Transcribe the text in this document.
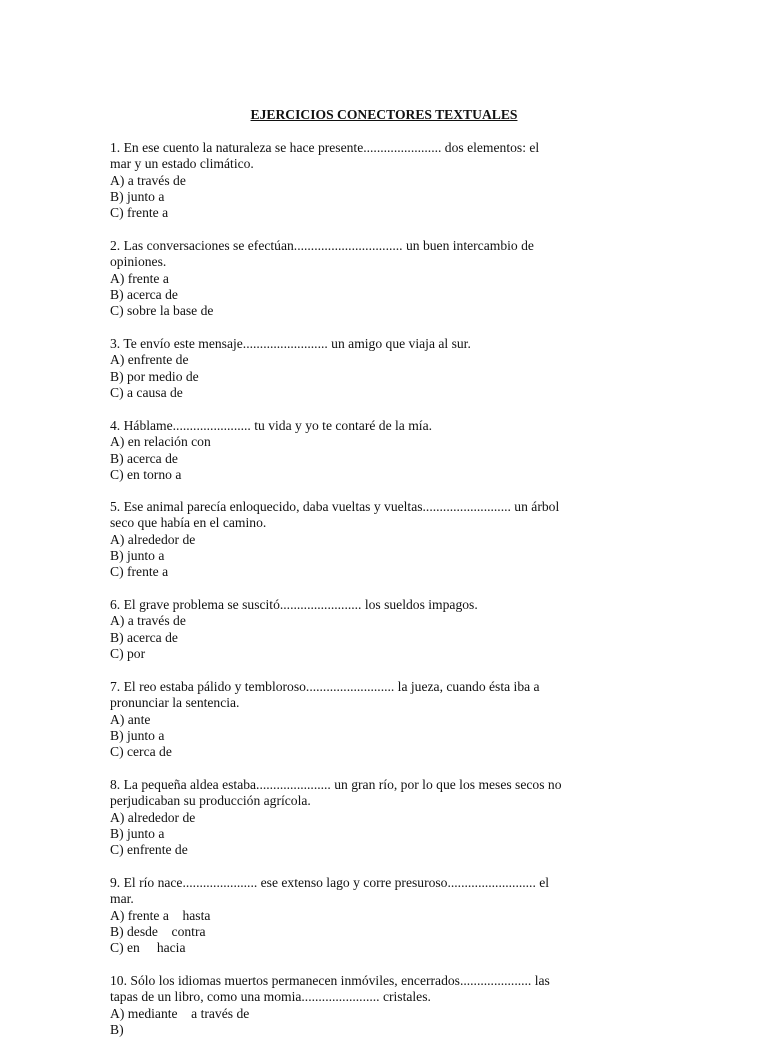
EJERCICIOS CONECTORES TEXTUALES

1. En ese cuento la naturaleza se hace presente....................... dos elementos: el

mar y un estado climático.

A) a través de

B) junto a

C) frente a

2. Las conversaciones se efectúan................................ un buen intercambio de

opiniones.

A) frente a

B) acerca de

C) sobre la base de

3. Te envío este mensaje......................... un amigo que viaja al sur.

A) enfrente de

B) por medio de

C) a causa de

4. Háblame....................... tu vida y yo te contaré de la mía.

A) en relación con

B) acerca de

C) en torno a

5. Ese animal parecía enloquecido, daba vueltas y vueltas.......................... un árbol

seco que había en el camino.

A) alrededor de

B) junto a

C) frente a

6. El grave problema se suscitó........................ los sueldos impagos.

A) a través de

B) acerca de

C) por

7. El reo estaba pálido y tembloroso.......................... la jueza, cuando ésta iba a

pronunciar la sentencia.

A) ante

B) junto a

C) cerca de

8. La pequeña aldea estaba...................... un gran río, por lo que los meses secos no

perjudicaban su producción agrícola.

A) alrededor de

B) junto a

C) enfrente de

9. El río nace...................... ese extenso lago y corre presuroso.......................... el

mar.

A) frente a    hasta

B) desde    contra

C) en     hacia

10. Sólo los idiomas muertos permanecen inmóviles, encerrados..................... las

tapas de un libro, como una momia....................... cristales.

A) mediante    a través de

B)
